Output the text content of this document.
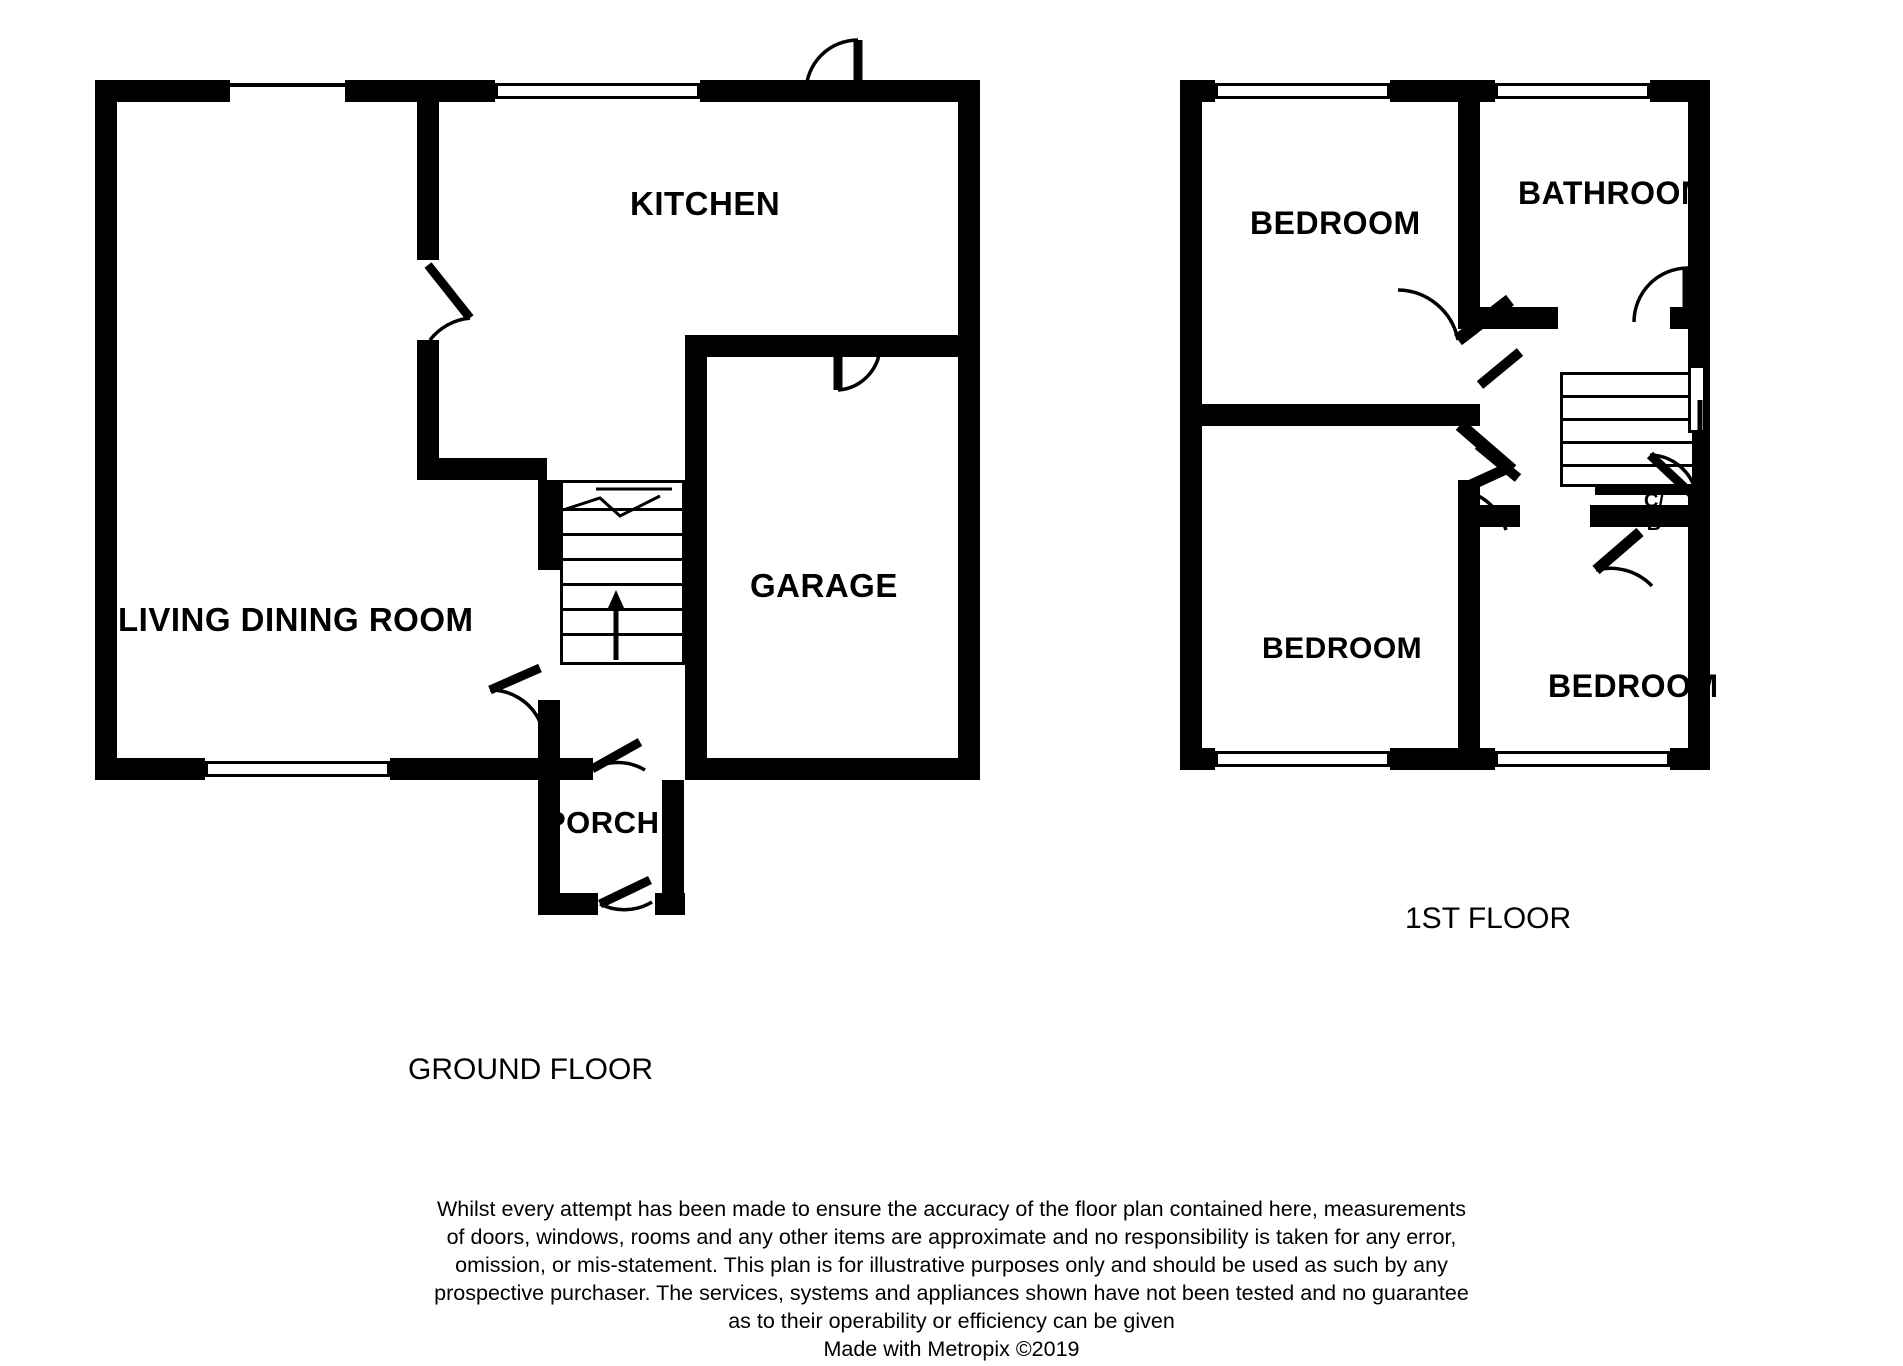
KITCHEN
LIVING DINING ROOM
GARAGE
PORCH
GROUND FLOOR
C/
B
BEDROOM
BATHROOM
BEDROOM
BEDROOM
1ST FLOOR
Whilst every attempt has been made to ensure the accuracy of the floor plan contained here, measurements
of doors, windows, rooms and any other items are approximate and no responsibility is taken for any error,
omission, or mis-statement. This plan is for illustrative purposes only and should be used as such by any
prospective purchaser. The services, systems and appliances shown have not been tested and no guarantee
as to their operability or efficiency can be given
Made with Metropix ©2019
